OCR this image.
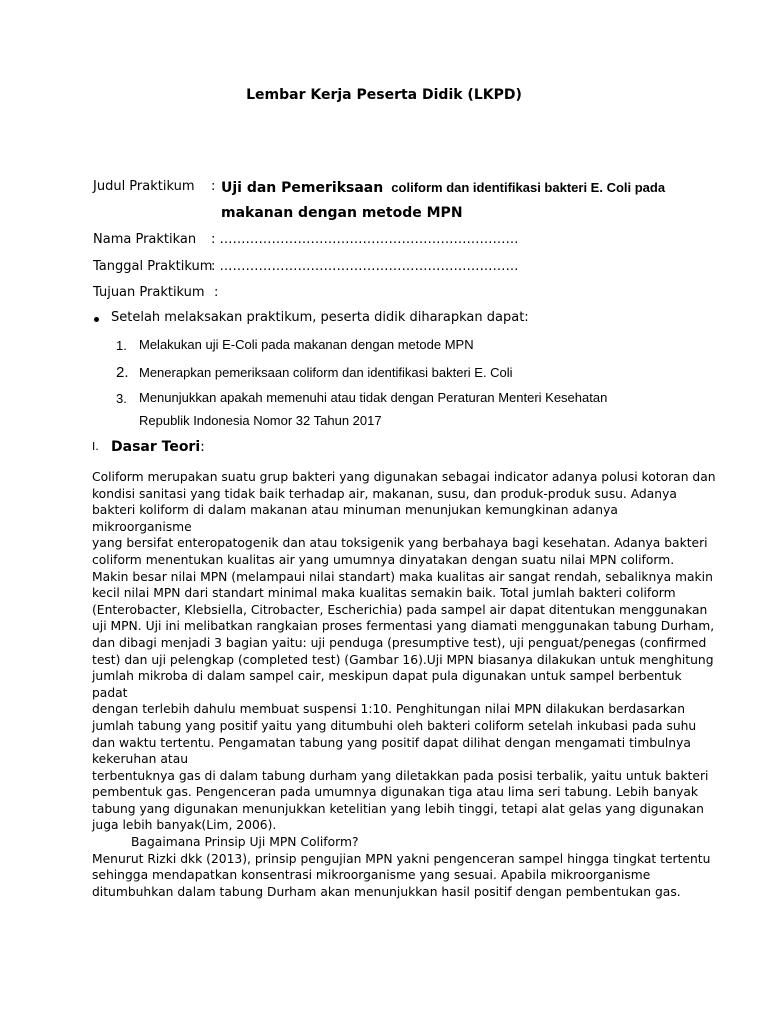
Lembar Kerja Peserta Didik (LKPD)
Judul Praktikum : Uji dan Pemeriksaan coliform dan identifikasi bakteri E. Coli pada
makanan dengan metode MPN
Nama Praktikan : ……………………………………………………………
Tanggal Praktikum
: ……………………………………………………………
Tujuan Praktikum :
Setelah melaksakan praktikum, peserta didik diharapkan dapat:
1. Melakukan uji E-Coli pada makanan dengan metode MPN
2. Menerapkan pemeriksaan coliform dan identifikasi bakteri E. Coli
3. Menunjukkan apakah memenuhi atau tidak dengan Peraturan Menteri Kesehatan
Republik Indonesia Nomor 32 Tahun 2017
I. Dasar Teori:
Coliform merupakan suatu grup bakteri yang digunakan sebagai indicator adanya polusi kotoran dan
kondisi sanitasi yang tidak baik terhadap air, makanan, susu, dan produk-produk susu. Adanya
bakteri koliform di dalam makanan atau minuman menunjukan kemungkinan adanya
mikroorganisme
yang bersifat enteropatogenik dan atau toksigenik yang berbahaya bagi kesehatan. Adanya bakteri
coliform menentukan kualitas air yang umumnya dinyatakan dengan suatu nilai MPN coliform.
Makin besar nilai MPN (melampaui nilai standart) maka kualitas air sangat rendah, sebaliknya makin
kecil nilai MPN dari standart minimal maka kualitas semakin baik. Total jumlah bakteri coliform
(Enterobacter, Klebsiella, Citrobacter, Escherichia) pada sampel air dapat ditentukan menggunakan
uji MPN. Uji ini melibatkan rangkaian proses fermentasi yang diamati menggunakan tabung Durham,
dan dibagi menjadi 3 bagian yaitu: uji penduga (presumptive test), uji penguat/penegas (confirmed
test) dan uji pelengkap (completed test) (Gambar 16).Uji MPN biasanya dilakukan untuk menghitung
jumlah mikroba di dalam sampel cair, meskipun dapat pula digunakan untuk sampel berbentuk
padat
dengan terlebih dahulu membuat suspensi 1:10. Penghitungan nilai MPN dilakukan berdasarkan
jumlah tabung yang positif yaitu yang ditumbuhi oleh bakteri coliform setelah inkubasi pada suhu
dan waktu tertentu. Pengamatan tabung yang positif dapat dilihat dengan mengamati timbulnya
kekeruhan atau
terbentuknya gas di dalam tabung durham yang diletakkan pada posisi terbalik, yaitu untuk bakteri
pembentuk gas. Pengenceran pada umumnya digunakan tiga atau lima seri tabung. Lebih banyak
tabung yang digunakan menunjukkan ketelitian yang lebih tinggi, tetapi alat gelas yang digunakan
juga lebih banyak(Lim, 2006).
Bagaimana Prinsip Uji MPN Coliform?
Menurut Rizki dkk (2013), prinsip pengujian MPN yakni pengenceran sampel hingga tingkat tertentu
sehingga mendapatkan konsentrasi mikroorganisme yang sesuai. Apabila mikroorganisme
ditumbuhkan dalam tabung Durham akan menunjukkan hasil positif dengan pembentukan gas.
